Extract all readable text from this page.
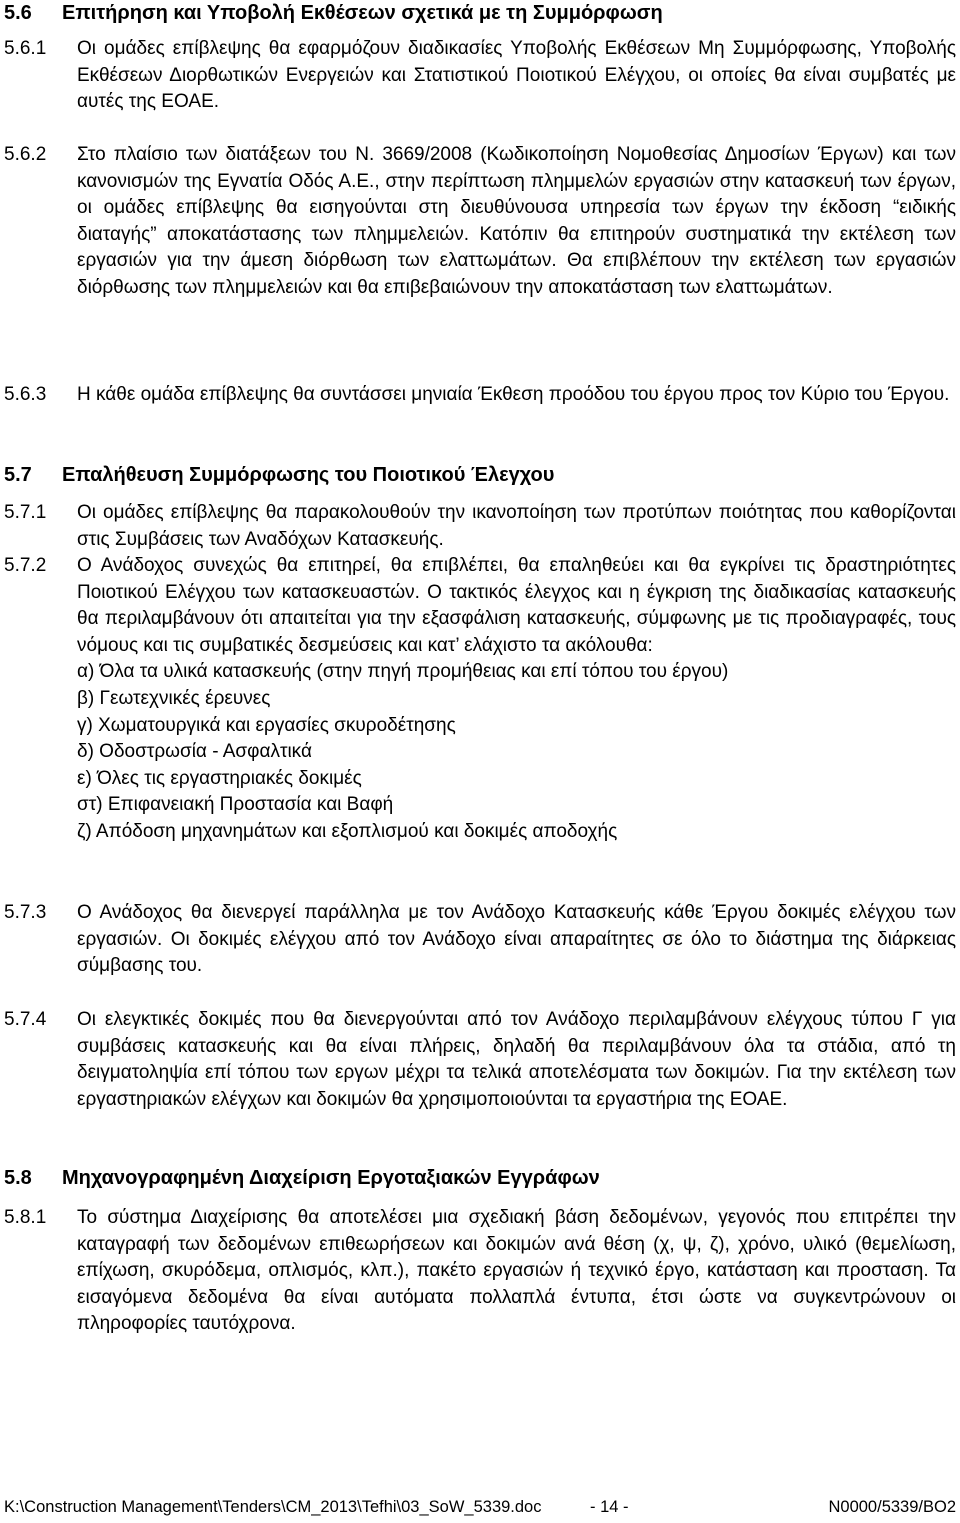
5.6 Επιτήρηση και Υποβολή Εκθέσεων σχετικά με τη Συμμόρφωση
5.6.1 Οι ομάδες επίβλεψης θα εφαρμόζουν διαδικασίες Υποβολής Εκθέσεων Μη Συμμόρφωσης, Υποβολής Εκθέσεων Διορθωτικών Ενεργειών και Στατιστικού Ποιοτικού Ελέγχου, οι οποίες θα είναι συμβατές με αυτές της ΕΟΑΕ.
5.6.2 Στο πλαίσιο των διατάξεων του Ν. 3669/2008 (Κωδικοποίηση Νομοθεσίας Δημοσίων Έργων) και των κανονισμών της Εγνατία Οδός Α.Ε., στην περίπτωση πλημμελών εργασιών στην κατασκευή των έργων, οι ομάδες επίβλεψης θα εισηγούνται στη διευθύνουσα υπηρεσία των έργων την έκδοση “ειδικής διαταγής” αποκατάστασης των πλημμελειών. Κατόπιν θα επιτηρούν συστηματικά την εκτέλεση των εργασιών για την άμεση διόρθωση των ελαττωμάτων. Θα επιβλέπουν την εκτέλεση των εργασιών διόρθωσης των πλημμελειών και θα επιβεβαιώνουν την αποκατάσταση των ελαττωμάτων.
5.6.3 Η κάθε ομάδα επίβλεψης θα συντάσσει μηνιαία Έκθεση προόδου του έργου προς τον Κύριο του Έργου.
5.7 Επαλήθευση Συμμόρφωσης του Ποιοτικού Έλεγχου
5.7.1 Οι ομάδες επίβλεψης θα παρακολουθούν την ικανοποίηση των προτύπων ποιότητας που καθορίζονται στις Συμβάσεις των Αναδόχων Κατασκευής.
5.7.2 Ο Ανάδοχος συνεχώς θα επιτηρεί, θα επιβλέπει, θα επαληθεύει και θα εγκρίνει τις δραστηριότητες Ποιοτικού Ελέγχου των κατασκευαστών. Ο τακτικός έλεγχος και η έγκριση της διαδικασίας κατασκευής θα περιλαμβάνουν ότι απαιτείται για την εξασφάλιση κατασκευής, σύμφωνης με τις προδιαγραφές, τους νόμους και τις συμβατικές δεσμεύσεις και κατ’ ελάχιστο τα ακόλουθα:
α) Όλα τα υλικά κατασκευής (στην πηγή προμήθειας και επί τόπου του έργου)
β) Γεωτεχνικές έρευνες
γ) Χωματουργικά και εργασίες σκυροδέτησης
δ) Οδοστρωσία - Ασφαλτικά
ε) Όλες τις εργαστηριακές δοκιμές
στ) Επιφανειακή Προστασία και Βαφή
ζ) Απόδοση μηχανημάτων και εξοπλισμού και δοκιμές αποδοχής
5.7.3 Ο Ανάδοχος θα διενεργεί παράλληλα με τον Ανάδοχο Κατασκευής κάθε Έργου δοκιμές ελέγχου των εργασιών. Οι δοκιμές ελέγχου από τον Ανάδοχο είναι απαραίτητες σε όλο το διάστημα της διάρκειας σύμβασης του.
5.7.4 Οι ελεγκτικές δοκιμές που θα διενεργούνται από τον Ανάδοχο περιλαμβάνουν ελέγχους τύπου Γ για συμβάσεις κατασκευής και θα είναι πλήρεις, δηλαδή θα περιλαμβάνουν όλα τα στάδια, από τη δειγματοληψία επί τόπου των εργων μέχρι τα τελικά αποτελέσματα των δοκιμών. Για την εκτέλεση των εργαστηριακών ελέγχων και δοκιμών θα χρησιμοποιούνται τα εργαστήρια της ΕΟΑΕ.
5.8 Μηχανογραφημένη Διαχείριση Εργοταξιακών Εγγράφων
5.8.1 Το σύστημα Διαχείρισης θα αποτελέσει μια σχεδιακή βάση δεδομένων, γεγονός που επιτρέπει την καταγραφή των δεδομένων επιθεωρήσεων και δοκιμών ανά θέση (χ, ψ, ζ), χρόνο, υλικό (θεμελίωση, επίχωση, σκυρόδεμα, οπλισμός, κλπ.), πακέτο εργασιών ή τεχνικό έργο, κατάσταση και προσταση. Τα εισαγόμενα δεδομένα θα είναι αυτόματα πολλαπλά έντυπα, έτσι ώστε να συγκεντρώνουν οι πληροφορίες ταυτόχρονα.
K:\Construction Management\Tenders\CM_2013\Tefhi\03_SoW_5339.doc	- 14 -	N0000/5339/BO2
